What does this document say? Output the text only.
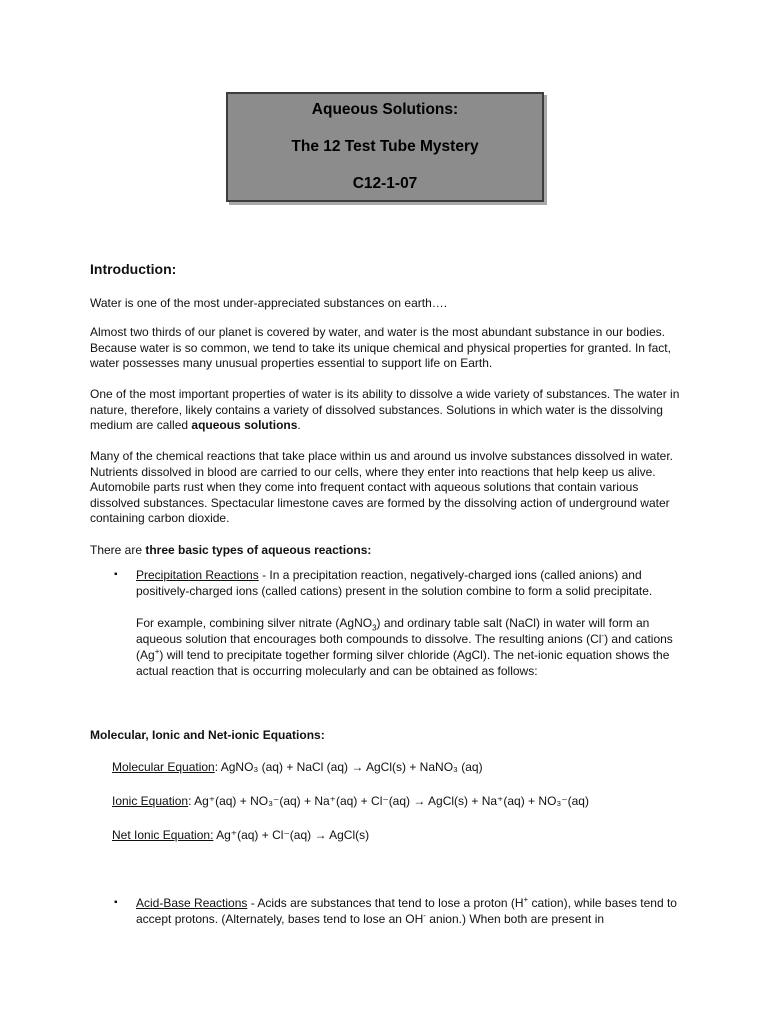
Aqueous Solutions:
The 12 Test Tube Mystery
C12-1-07
Introduction:
Water is one of the most under-appreciated substances on earth….
Almost two thirds of our planet is covered by water, and water is the most abundant substance in our bodies. Because water is so common, we tend to take its unique chemical and physical properties for granted. In fact, water possesses many unusual properties essential to support life on Earth.
One of the most important properties of water is its ability to dissolve a wide variety of substances. The water in nature, therefore, likely contains a variety of dissolved substances. Solutions in which water is the dissolving medium are called aqueous solutions.
Many of the chemical reactions that take place within us and around us involve substances dissolved in water. Nutrients dissolved in blood are carried to our cells, where they enter into reactions that help keep us alive. Automobile parts rust when they come into frequent contact with aqueous solutions that contain various dissolved substances. Spectacular limestone caves are formed by the dissolving action of underground water containing carbon dioxide.
There are three basic types of aqueous reactions:
▪ Precipitation Reactions - In a precipitation reaction, negatively-charged ions (called anions) and positively-charged ions (called cations) present in the solution combine to form a solid precipitate.
For example, combining silver nitrate (AgNO$_3$) and ordinary table salt (NaCl) in water will form an aqueous solution that encourages both compounds to dissolve. The resulting anions (Cl-) and cations (Ag+) will tend to precipitate together forming silver chloride (AgCl). The net-ionic equation shows the actual reaction that is occurring molecularly and can be obtained as follows:
Molecular, Ionic and Net-ionic Equations:
Molecular Equation: AgNO₃ (aq) + NaCl (aq) → AgCl(s) + NaNO₃ (aq)
Ionic Equation: Ag⁺(aq) + NO₃⁻(aq) + Na⁺(aq) + Cl⁻(aq) → AgCl(s) + Na⁺(aq) + NO₃⁻(aq)
Net Ionic Equation: Ag⁺(aq) + Cl⁻(aq) → AgCl(s)
▪ Acid-Base Reactions - Acids are substances that tend to lose a proton (H+ cation), while bases tend to accept protons. (Alternately, bases tend to lose an OH- anion.) When both are present in
